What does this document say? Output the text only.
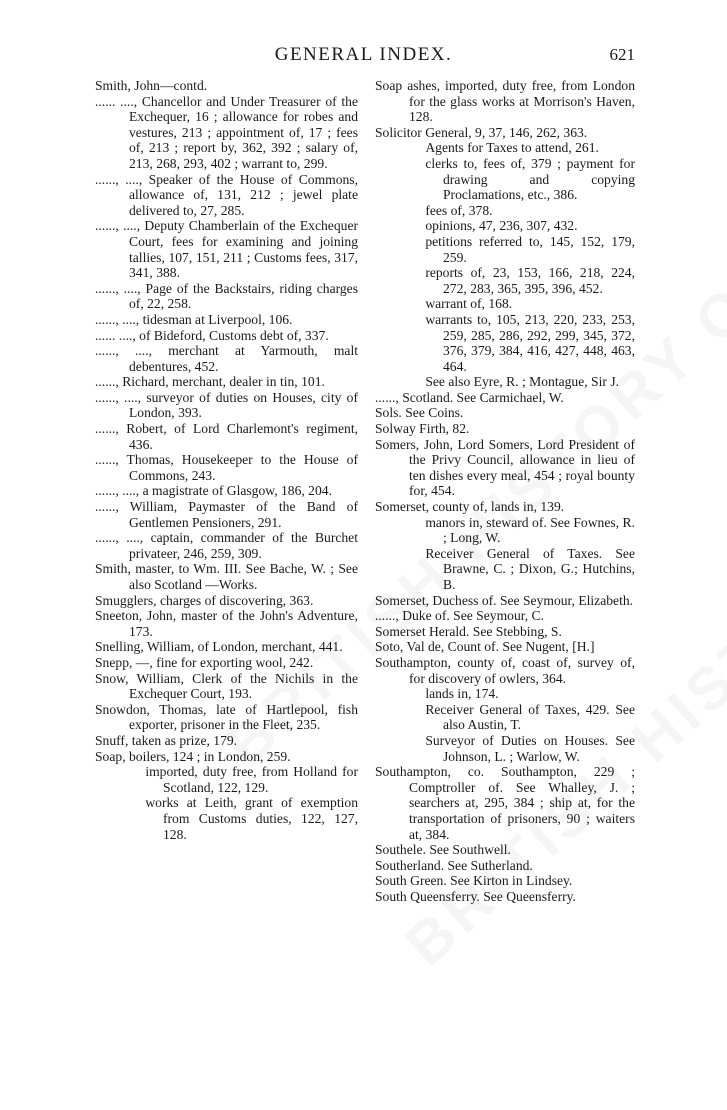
GENERAL INDEX.	621

Smith, John—contd.

...... ...., Chancellor and Under Treasurer of the Exchequer, 16 ; allowance for robes and vestures, 213 ; appointment of, 17 ; fees of, 213 ; report by, 362, 392 ; salary of, 213, 268, 293, 402 ; warrant to, 299.

......, ...., Speaker of the House of Commons, allowance of, 131, 212 ; jewel plate delivered to, 27, 285.

......, ...., Deputy Chamberlain of the Exchequer Court, fees for examining and joining tallies, 107, 151, 211 ; Customs fees, 317, 341, 388.

......, ...., Page of the Backstairs, riding charges of, 22, 258.

......, ...., tidesman at Liverpool, 106.

...... ...., of Bideford, Customs debt of, 337.

......, ...., merchant at Yarmouth, malt debentures, 452.

......, Richard, merchant, dealer in tin, 101.

......, ...., surveyor of duties on Houses, city of London, 393.

......, Robert, of Lord Charlemont's regiment, 436.

......, Thomas, Housekeeper to the House of Commons, 243.

......, ...., a magistrate of Glasgow, 186, 204.

......, William, Paymaster of the Band of Gentlemen Pensioners, 291.

......, ...., captain, commander of the Burchet privateer, 246, 259, 309.

Smith, master, to Wm. III. See Bache, W. ; See also Scotland —Works.

Smugglers, charges of discovering, 363.

Sneeton, John, master of the John's Adventure, 173.

Snelling, William, of London, merchant, 441.

Snepp, —, fine for exporting wool, 242.

Snow, William, Clerk of the Nichils in the Exchequer Court, 193.

Snowdon, Thomas, late of Hartlepool, fish exporter, prisoner in the Fleet, 235.

Snuff, taken as prize, 179.

Soap, boilers, 124 ; in London, 259.

imported, duty free, from Holland for Scotland, 122, 129.

works at Leith, grant of exemption from Customs duties, 122, 127, 128.

Soap ashes, imported, duty free, from London for the glass works at Morrison's Haven, 128.

Solicitor General, 9, 37, 146, 262, 363.

Agents for Taxes to attend, 261.

clerks to, fees of, 379 ; payment for drawing and copying Proclamations, etc., 386.

fees of, 378.

opinions, 47, 236, 307, 432.

petitions referred to, 145, 152, 179, 259.

reports of, 23, 153, 166, 218, 224, 272, 283, 365, 395, 396, 452.

warrant of, 168.

warrants to, 105, 213, 220, 233, 253, 259, 285, 286, 292, 299, 345, 372, 376, 379, 384, 416, 427, 448, 463, 464.

See also Eyre, R. ; Montague, Sir J.

......, Scotland. See Carmichael, W.

Sols. See Coins.

Solway Firth, 82.

Somers, John, Lord Somers, Lord President of the Privy Council, allowance in lieu of ten dishes every meal, 454 ; royal bounty for, 454.

Somerset, county of, lands in, 139.

manors in, steward of. See Fownes, R. ; Long, W.

Receiver General of Taxes. See Brawne, C. ; Dixon, G.; Hutchins, B.

Somerset, Duchess of. See Seymour, Elizabeth.

......, Duke of. See Seymour, C.

Somerset Herald. See Stebbing, S.

Soto, Val de, Count of. See Nugent, [H.]

Southampton, county of, coast of, survey of, for discovery of owlers, 364.

lands in, 174.

Receiver General of Taxes, 429. See also Austin, T.

Surveyor of Duties on Houses. See Johnson, L. ; Warlow, W.

Southampton, co. Southampton, 229 ; Comptroller of. See Whalley, J. ; searchers at, 295, 384 ; ship at, for the transportation of prisoners, 90 ; waiters at, 384.

Southele. See Southwell.

Southerland. See Sutherland.

South Green. See Kirton in Lindsey.

South Queensferry. See Queensferry.
